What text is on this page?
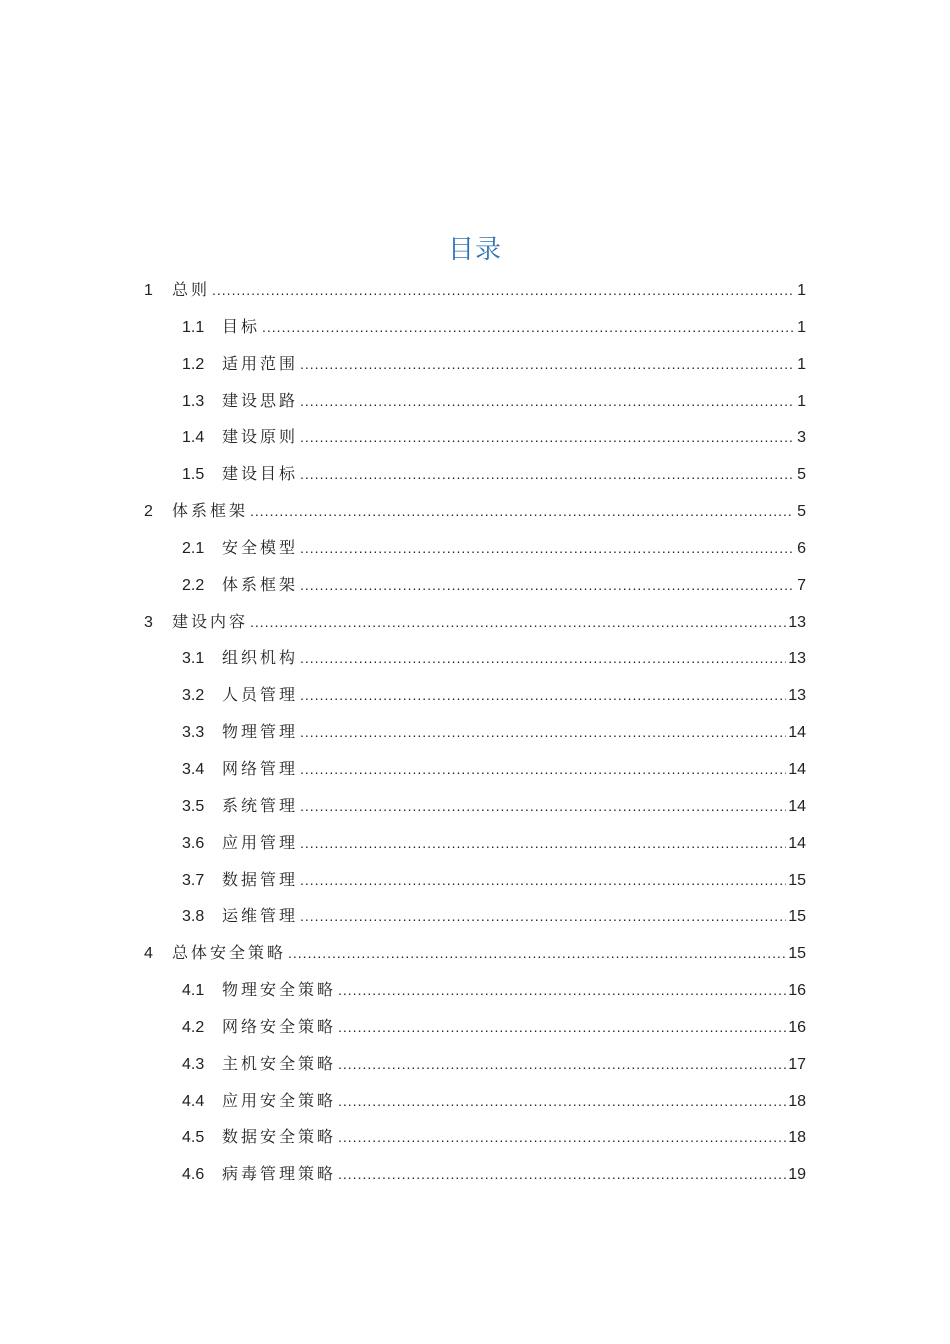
目录
1	总则 .....	1
1.1	目标 .....	1
1.2	适用范围 .....	1
1.3	建设思路 .....	1
1.4	建设原则 .....	3
1.5	建设目标 .....	5
2	体系框架 .....	5
2.1	安全模型 .....	6
2.2	体系框架 .....	7
3	建设内容 .....	13
3.1	组织机构 .....	13
3.2	人员管理 .....	13
3.3	物理管理 .....	14
3.4	网络管理 .....	14
3.5	系统管理 .....	14
3.6	应用管理 .....	14
3.7	数据管理 .....	15
3.8	运维管理 .....	15
4	总体安全策略 .....	15
4.1	物理安全策略 .....	16
4.2	网络安全策略 .....	16
4.3	主机安全策略 .....	17
4.4	应用安全策略 .....	18
4.5	数据安全策略 .....	18
4.6	病毒管理策略 .....	19
